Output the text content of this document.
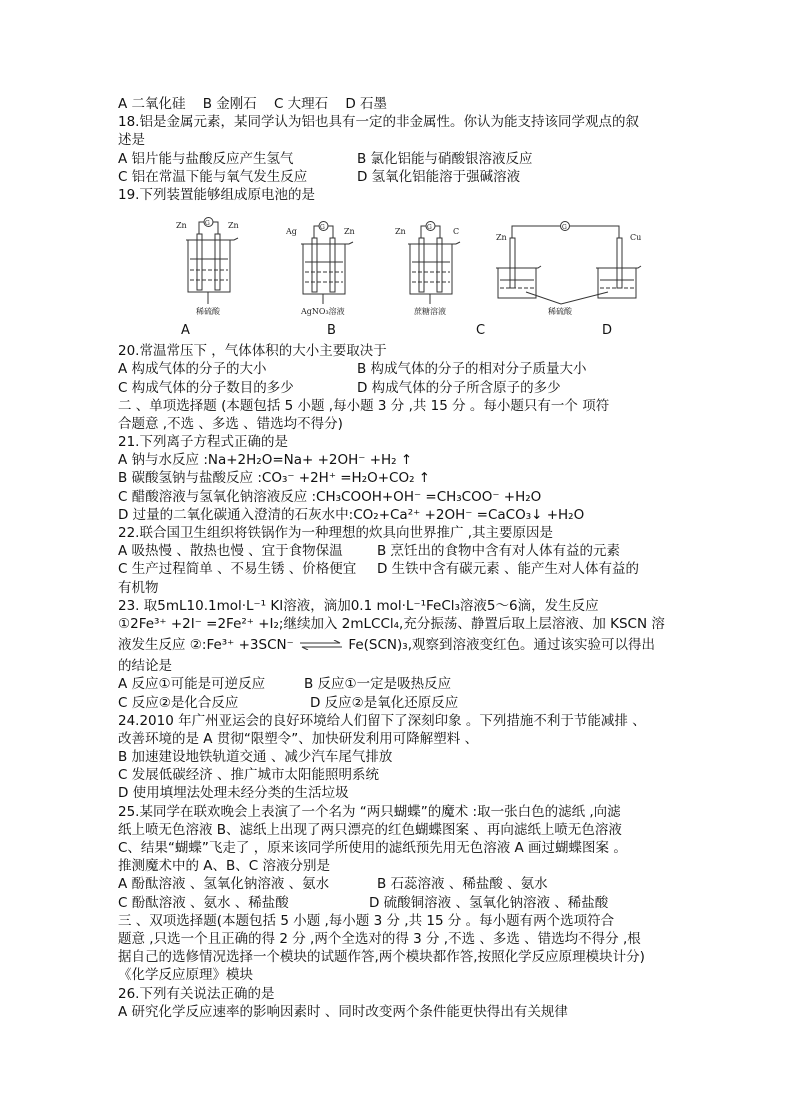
A 二氧化硅 B 金刚石 C 大理石 D 石墨
18.铝是金属元素，某同学认为铝也具有一定的非金属性。你认为能支持该同学观点的叙
述是
A 铝片能与盐酸反应产生氢气	B 氯化铝能与硝酸银溶液反应
C 铝在常温下能与氧气发生反应	D 氢氧化铝能溶于强碱溶液
19.下列装置能够组成原电池的是
Zn	Zn
G
稀硫酸
Ag	Zn
G
AgNO₃溶液
Zn	C
G
蔗糖溶液
Zn	Cu
G
稀硫酸
A	B	C	D
20.常温常压下 ，气体体积的大小主要取决于
A 构成气体的分子的大小	B 构成气体的分子的相对分子质量大小
C 构成气体的分子数目的多少	D 构成气体的分子所含原子的多少
二 、单项选择题 (本题包括 5 小题 ,每小题 3 分 ,共 15 分 。每小题只有一个 项符
合题意 ,不选 、多选 、错选均不得分)
21.下列离子方程式正确的是
A 钠与水反应 :Na+2H₂O=Na+ +2OH⁻ +H₂ ↑
B 碳酸氢钠与盐酸反应 :CO₃⁻ +2H⁺ =H₂O+CO₂ ↑
C 醋酸溶液与氢氧化钠溶液反应 :CH₃COOH+OH⁻ =CH₃COO⁻ +H₂O
D 过量的二氧化碳通入澄清的石灰水中:CO₂+Ca²⁺ +2OH⁻ =CaCO₃↓ +H₂O
22.联合国卫生组织将铁锅作为一种理想的炊具向世界推广 ,其主要原因是
A 吸热慢 、散热也慢 、宜于食物保温	B 烹饪出的食物中含有对人体有益的元素
C 生产过程简单 、不易生锈 、价格便宜	D 生铁中含有碳元素 、能产生对人体有益的
有机物
23. 取5mL10.1mol·L⁻¹ KI溶液，滴加0.1 mol·L⁻¹FeCl₃溶液5～6滴，发生反应
①2Fe³⁺ +2I⁻ =2Fe²⁺ +I₂;继续加入 2mLCCl₄,充分振荡、静置后取上层溶液、加 KSCN 溶
液发生反应 ②:Fe³⁺ +3SCN⁻ ⇌ Fe(SCN)₃,观察到溶液变红色。通过该实验可以得出
的结论是
A 反应①可能是可逆反应	B 反应①一定是吸热反应
C 反应②是化合反应	D 反应②是氧化还原反应
24.2010 年广州亚运会的良好环境给人们留下了深刻印象 。下列措施不利于节能减排 、
改善环境的是 A 贯彻“限塑令”、加快研发利用可降解塑料 、
B 加速建设地铁轨道交通 、减少汽车尾气排放
C 发展低碳经济 、推广城市太阳能照明系统
D 使用填埋法处理未经分类的生活垃圾
25.某同学在联欢晚会上表演了一个名为 “两只蝴蝶”的魔术 :取一张白色的滤纸 ,向滤
纸上喷无色溶液 B、滤纸上出现了两只漂亮的红色蝴蝶图案 、再向滤纸上喷无色溶液
C、结果“蝴蝶”飞走了 ，原来该同学所使用的滤纸预先用无色溶液 A 画过蝴蝶图案 。
推测魔术中的 A、B、C 溶液分别是
A 酚酞溶液 、氢氧化钠溶液 、氨水	B 石蕊溶液 、稀盐酸 、氨水
C 酚酞溶液 、氨水 、稀盐酸	D 硫酸铜溶液 、氢氧化钠溶液 、稀盐酸
三 、双项选择题(本题包括 5 小题 ,每小题 3 分 ,共 15 分 。每小题有两个选项符合
题意 ,只选一个且正确的得 2 分 ,两个全选对的得 3 分 ,不选 、多选 、错选均不得分 ,根
据自己的选修情况选择一个模块的试题作答,两个模块都作答,按照化学反应原理模块计分)
《化学反应原理》模块
26.下列有关说法正确的是
A 研究化学反应速率的影响因素时 、同时改变两个条件能更快得出有关规律
